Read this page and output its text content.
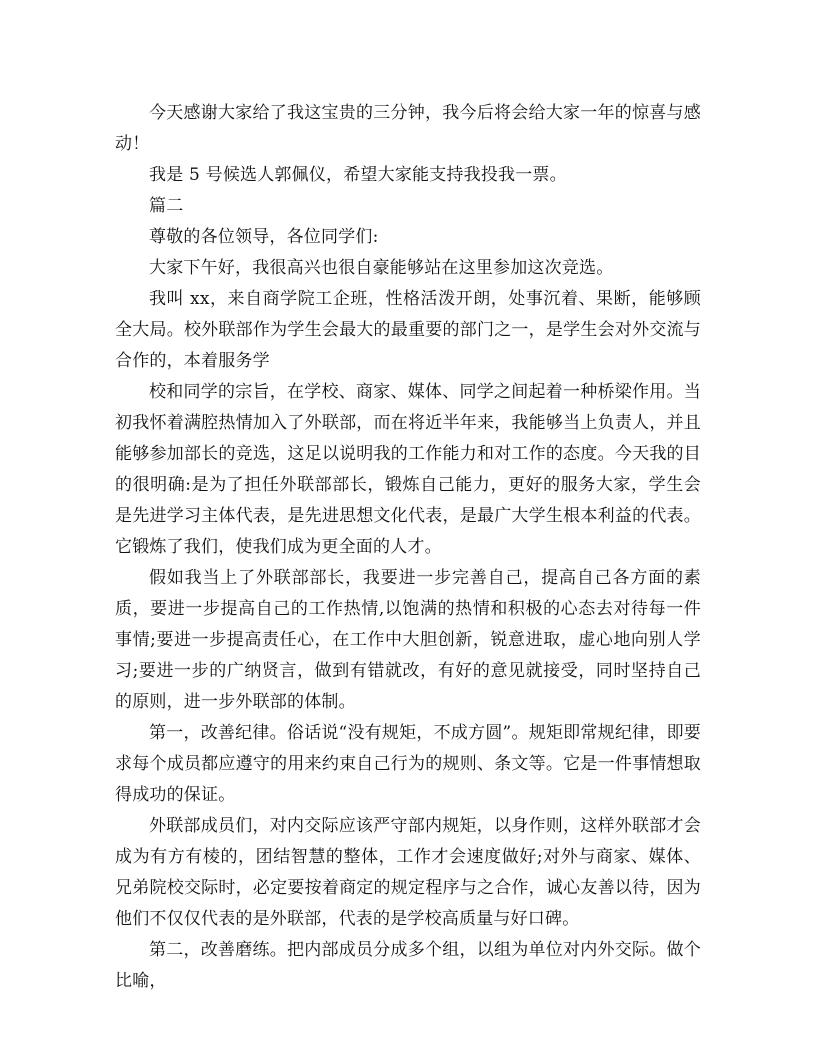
今天感谢大家给了我这宝贵的三分钟，我今后将会给大家一年的惊喜与感动！

我是 5 号候选人郭佩仪，希望大家能支持我投我一票。

篇二

尊敬的各位领导，各位同学们:

大家下午好，我很高兴也很自豪能够站在这里参加这次竞选。

我叫 xx，来自商学院工企班，性格活泼开朗，处事沉着、果断，能够顾全大局。校外联部作为学生会最大的最重要的部门之一，是学生会对外交流与合作的，本着服务学

校和同学的宗旨，在学校、商家、媒体、同学之间起着一种桥梁作用。当初我怀着满腔热情加入了外联部，而在将近半年来，我能够当上负责人，并且能够参加部长的竞选，这足以说明我的工作能力和对工作的态度。今天我的目的很明确:是为了担任外联部部长，锻炼自己能力，更好的服务大家，学生会是先进学习主体代表，是先进思想文化代表，是最广大学生根本利益的代表。它锻炼了我们，使我们成为更全面的人才。

假如我当上了外联部部长，我要进一步完善自己，提高自己各方面的素质，要进一步提高自己的工作热情,以饱满的热情和积极的心态去对待每一件事情;要进一步提高责任心，在工作中大胆创新，锐意进取，虚心地向别人学习;要进一步的广纳贤言，做到有错就改，有好的意见就接受，同时坚持自己的原则，进一步外联部的体制。

第一，改善纪律。俗话说“没有规矩，不成方圆”。规矩即常规纪律，即要求每个成员都应遵守的用来约束自己行为的规则、条文等。它是一件事情想取得成功的保证。

外联部成员们，对内交际应该严守部内规矩，以身作则，这样外联部才会成为有方有棱的，团结智慧的整体，工作才会速度做好;对外与商家、媒体、兄弟院校交际时，必定要按着商定的规定程序与之合作，诚心友善以待，因为他们不仅仅代表的是外联部，代表的是学校高质量与好口碑。

第二，改善磨练。把内部成员分成多个组，以组为单位对内外交际。做个比喻，
